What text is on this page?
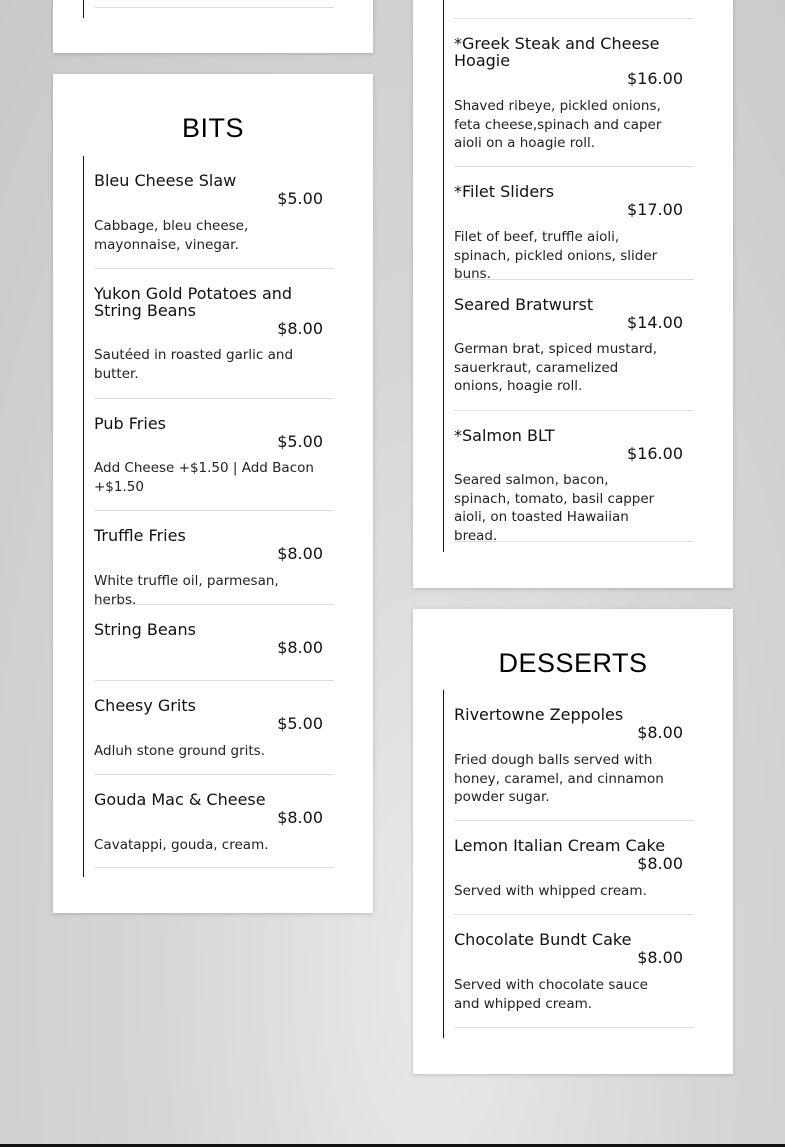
BITS
Bleu Cheese Slaw
$5.00
Cabbage, bleu cheese, mayonnaise, vinegar.
Yukon Gold Potatoes and String Beans
$8.00
Sautéed in roasted garlic and butter.
Pub Fries
$5.00
Add Cheese +$1.50 | Add Bacon +$1.50
Truffle Fries
$8.00
White truffle oil, parmesan, herbs.
String Beans
$8.00
Cheesy Grits
$5.00
Adluh stone ground grits.
Gouda Mac & Cheese
$8.00
Cavatappi, gouda, cream.
*Greek Steak and Cheese Hoagie
$16.00
Shaved ribeye, pickled onions, feta cheese,spinach and caper aioli on a hoagie roll.
*Filet Sliders
$17.00
Filet of beef, truffle aioli, spinach, pickled onions, slider buns.
Seared Bratwurst
$14.00
German brat, spiced mustard, sauerkraut, caramelized onions, hoagie roll.
*Salmon BLT
$16.00
Seared salmon, bacon, spinach, tomato, basil capper aioli, on toasted Hawaiian bread.
DESSERTS
Rivertowne Zeppoles
$8.00
Fried dough balls served with honey, caramel, and cinnamon powder sugar.
Lemon Italian Cream Cake
$8.00
Served with whipped cream.
Chocolate Bundt Cake
$8.00
Served with chocolate sauce and whipped cream.
